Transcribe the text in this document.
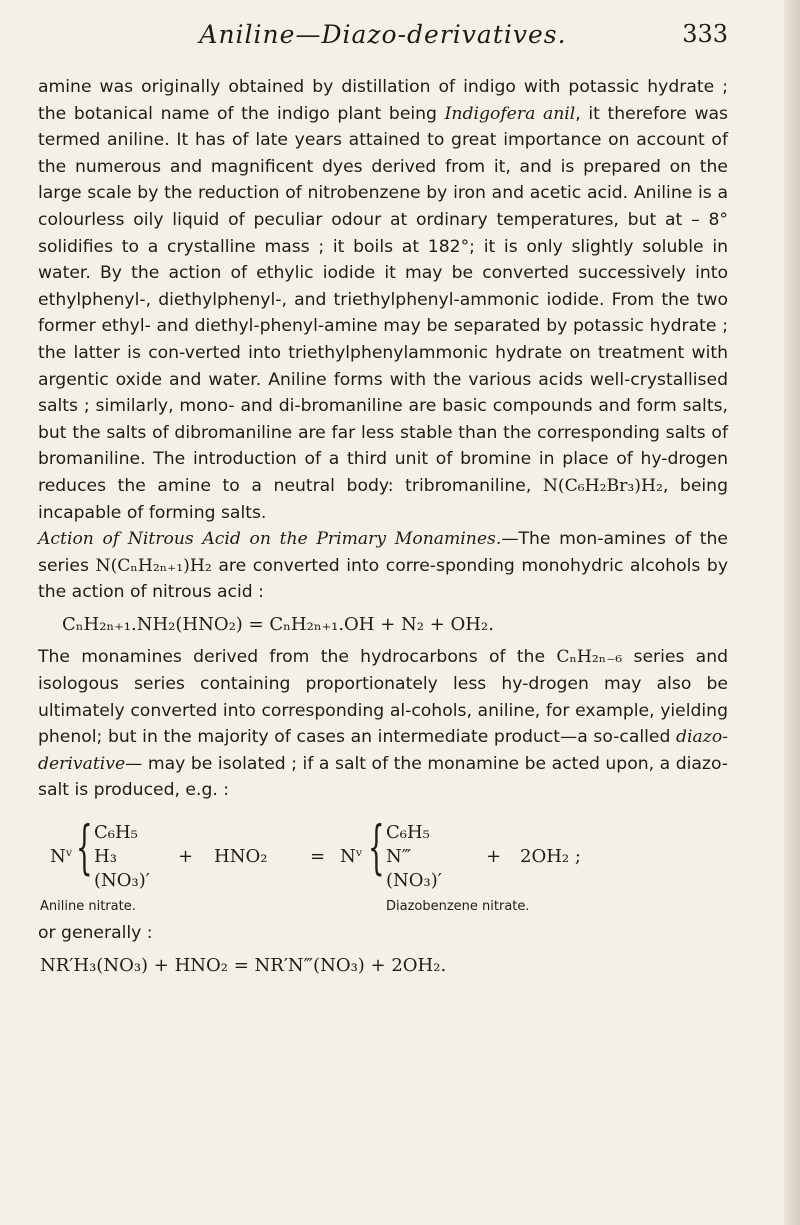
Aniline—Diazo-derivatives.	333

amine was originally obtained by distillation of indigo with potassic hydrate ; the botanical name of the indigo plant being Indigofera anil, it therefore was termed aniline. It has of late years attained to great importance on account of the numerous and magnificent dyes derived from it, and is prepared on the large scale by the reduction of nitrobenzene by iron and acetic acid. Aniline is a colourless oily liquid of peculiar odour at ordinary temperatures, but at – 8° solidifies to a crystalline mass ; it boils at 182°; it is only slightly soluble in water. By the action of ethylic iodide it may be converted successively into ethylphenyl-, diethylphenyl-, and triethylphenyl-ammonic iodide. From the two former ethyl- and diethyl-phenyl-amine may be separated by potassic hydrate ; the latter is con-verted into triethylphenylammonic hydrate on treatment with argentic oxide and water. Aniline forms with the various acids well-crystallised salts ; similarly, mono- and di-bromaniline are basic compounds and form salts, but the salts of dibromaniline are far less stable than the corresponding salts of bromaniline. The introduction of a third unit of bromine in place of hy-drogen reduces the amine to a neutral body: tribromaniline, N(C₆H₂Br₃)H₂, being incapable of forming salts.

Action of Nitrous Acid on the Primary Monamines.—The mon-amines of the series N(CₙH₂ₙ₊₁)H₂ are converted into corre-sponding monohydric alcohols by the action of nitrous acid :

CₙH₂ₙ₊₁.NH₂(HNO₂) = CₙH₂ₙ₊₁.OH + N₂ + OH₂.

The monamines derived from the hydrocarbons of the CₙH₂ₙ₋₆ series and isologous series containing proportionately less hy-drogen may also be ultimately converted into corresponding al-cohols, aniline, for example, yielding phenol; but in the majority of cases an intermediate product—a so-called diazo-derivative— may be isolated ; if a salt of the monamine be acted upon, a diazo-salt is produced, e.g. :

Nᵛ { C₆H₅
H₃
(NO₃)′
+ HNO₂ = Nᵛ { C₆H₅
N‴
(NO₃)′
+ 2OH₂ ;
Aniline nitrate.	Diazobenzene nitrate.
or generally :
NR′H₃(NO₃) + HNO₂ = NR′N‴(NO₃) + 2OH₂.
